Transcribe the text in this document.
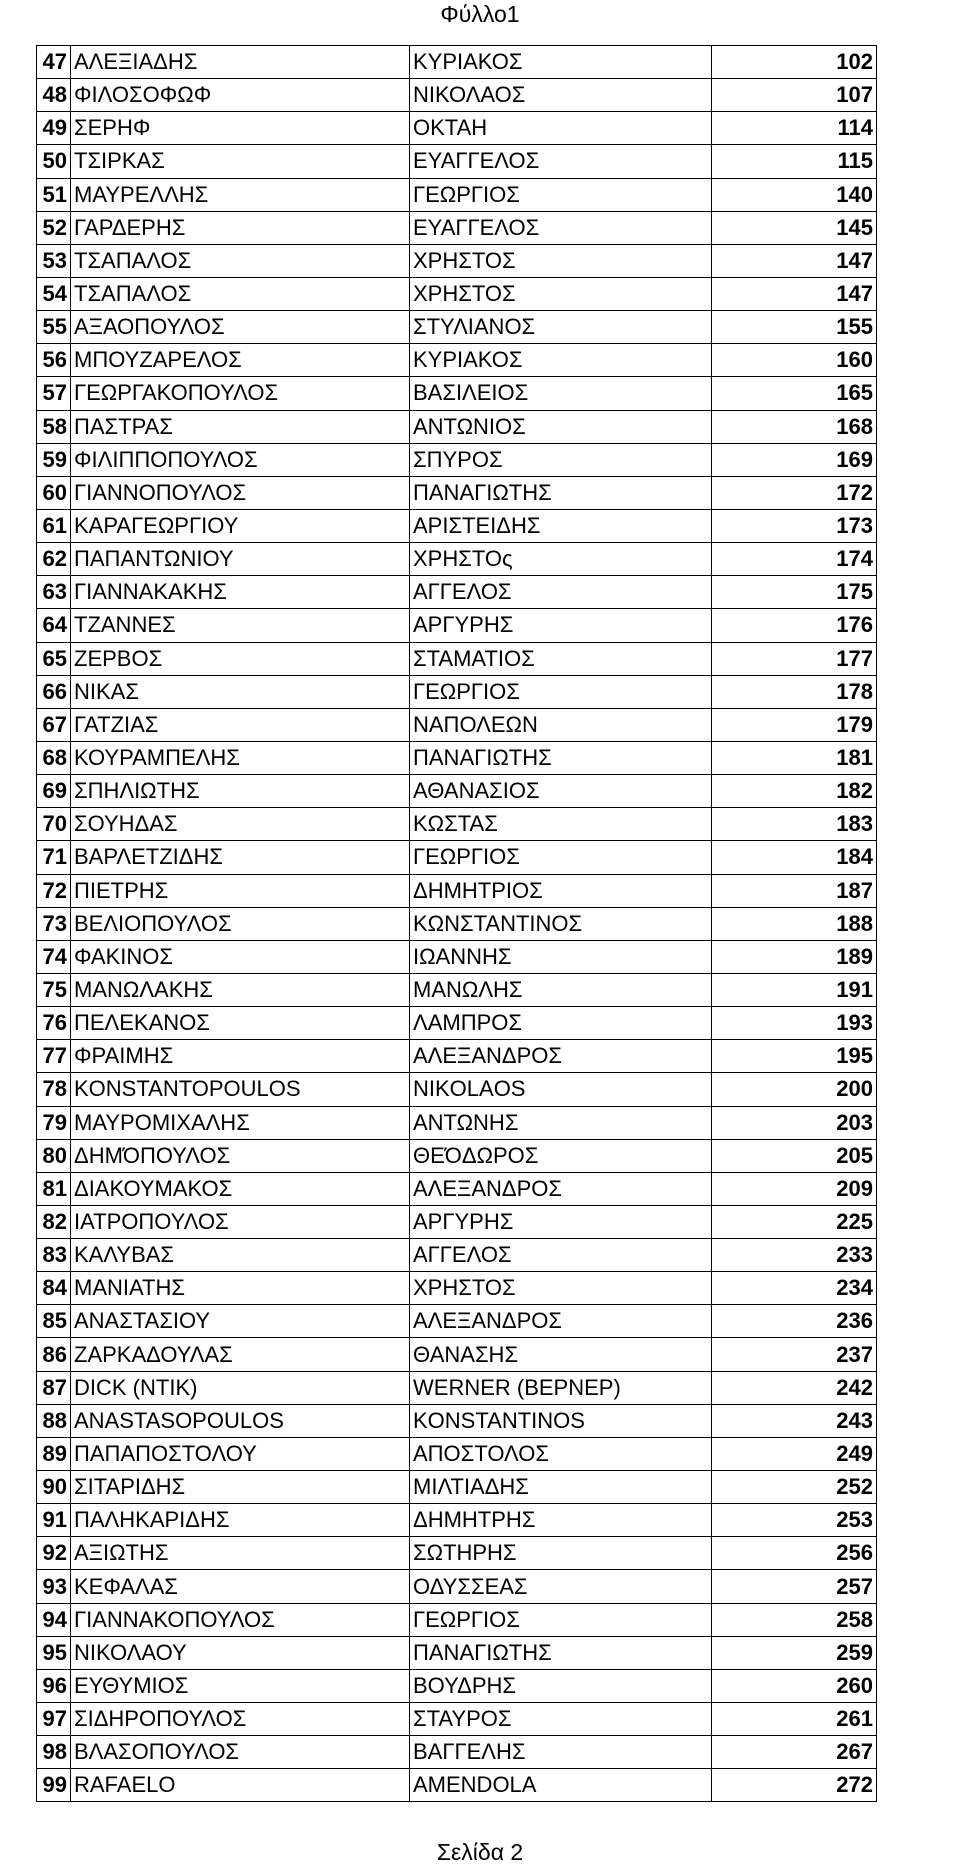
Φύλλο1
47	ΑΛΕΞΙΑΔΗΣ	ΚΥΡΙΑΚΟΣ	102
48	ΦΙΛΟΣΟΦΩΦ	ΝΙΚΟΛΑΟΣ	107
49	ΣΕΡΗΦ	ΟΚΤΑΗ	114
50	ΤΣΙΡΚΑΣ	ΕΥΑΓΓΕΛΟΣ	115
51	ΜΑΥΡΕΛΛΗΣ	ΓΕΩΡΓΙΟΣ	140
52	ΓΑΡΔΕΡΗΣ	ΕΥΑΓΓΕΛΟΣ	145
53	ΤΣΑΠΑΛΟΣ	ΧΡΗΣΤΟΣ	147
54	ΤΣΑΠΑΛΟΣ	ΧΡΗΣΤΟΣ	147
55	ΑΞΑΟΠΟΥΛΟΣ	ΣΤΥΛΙΑΝΟΣ	155
56	ΜΠΟΥΖΑΡΕΛΟΣ	ΚΥΡΙΑΚΟΣ	160
57	ΓΕΩΡΓΑΚΟΠΟΥΛΟΣ	ΒΑΣΙΛΕΙΟΣ	165
58	ΠΑΣΤΡΑΣ	ΑΝΤΩΝΙΟΣ	168
59	ΦΙΛΙΠΠΟΠΟΥΛΟΣ	ΣΠΥΡΟΣ	169
60	ΓΙΑΝΝΟΠΟΥΛΟΣ	ΠΑΝΑΓΙΩΤΗΣ	172
61	ΚΑΡΑΓΕΩΡΓΙΟΥ	ΑΡΙΣΤΕΙΔΗΣ	173
62	ΠΑΠΑΝΤΩΝΙΟΥ	ΧΡΗΣΤΟς	174
63	ΓΙΑΝΝΑΚΑΚΗΣ	ΑΓΓΕΛΟΣ	175
64	ΤΖΑΝΝΕΣ	ΑΡΓΥΡΗΣ	176
65	ΖΕΡΒΟΣ	ΣΤΑΜΑΤΙΟΣ	177
66	ΝΙΚΑΣ	ΓΕΩΡΓΙΟΣ	178
67	ΓΑΤΖΙΑΣ	ΝΑΠΟΛΕΩΝ	179
68	ΚΟΥΡΑΜΠΕΛΗΣ	ΠΑΝΑΓΙΩΤΗΣ	181
69	ΣΠΗΛΙΩΤΗΣ	ΑΘΑΝΑΣΙΟΣ	182
70	ΣΟΥΗΔΑΣ	ΚΩΣΤΑΣ	183
71	ΒΑΡΛΕΤΖΙΔΗΣ	ΓΕΩΡΓΙΟΣ	184
72	ΠΙΕΤΡΗΣ	ΔΗΜΗΤΡΙΟΣ	187
73	ΒΕΛΙΟΠΟΥΛΟΣ	ΚΩΝΣΤΑΝΤΙΝΟΣ	188
74	ΦΑΚΙΝΟΣ	ΙΩΑΝΝΗΣ	189
75	ΜΑΝΩΛΑΚΗΣ	ΜΑΝΩΛΗΣ	191
76	ΠΕΛΕΚΑΝΟΣ	ΛΑΜΠΡΟΣ	193
77	ΦΡΑΙΜΗΣ	ΑΛΕΞΑΝΔΡΟΣ	195
78	KONSTANTOPOULOS	NIKOLAOS	200
79	ΜΑΥΡΟΜΙΧΑΛΗΣ	ΑΝΤΩΝΗΣ	203
80	ΔΗΜΌΠΟΥΛΟΣ	ΘΕΌΔΩΡΟΣ	205
81	ΔΙΑΚΟΥΜΑΚΟΣ	ΑΛΕΞΑΝΔΡΟΣ	209
82	ΙΑΤΡΟΠΟΥΛΟΣ	ΑΡΓΥΡΗΣ	225
83	ΚΑΛΥΒΑΣ	ΑΓΓΕΛΟΣ	233
84	ΜΑΝΙΑΤΗΣ	ΧΡΗΣΤΟΣ	234
85	ΑΝΑΣΤΑΣΙΟΥ	ΑΛΕΞΑΝΔΡΟΣ	236
86	ΖΑΡΚΑΔΟΥΛΑΣ	ΘΑΝΑΣΗΣ	237
87	DICK (ΝΤΙΚ)	WERNER (ΒΕΡΝΕΡ)	242
88	ANASTASOPOULOS	KONSTANTINOS	243
89	ΠΑΠΑΠΟΣΤΟΛΟΥ	ΑΠΟΣΤΟΛΟΣ	249
90	ΣΙΤΑΡΙΔΗΣ	ΜΙΛΤΙΑΔΗΣ	252
91	ΠΑΛΗΚΑΡΙΔΗΣ	ΔΗΜΗΤΡΗΣ	253
92	ΑΞΙΩΤΗΣ	ΣΩΤΗΡΗΣ	256
93	ΚΕΦΑΛΑΣ	ΟΔΥΣΣΕΑΣ	257
94	ΓΙΑΝΝΑΚΟΠΟΥΛΟΣ	ΓΕΩΡΓΙΟΣ	258
95	ΝΙΚΟΛΑΟΥ	ΠΑΝΑΓΙΩΤΗΣ	259
96	ΕΥΘΥΜΙΟΣ	ΒΟΥΔΡΗΣ	260
97	ΣΙΔΗΡΟΠΟΥΛΟΣ	ΣΤΑΥΡΟΣ	261
98	ΒΛΑΣΟΠΟΥΛΟΣ	ΒΑΓΓΕΛΗΣ	267
99	RAFAELO	AMENDOLA	272
Σελίδα 2
